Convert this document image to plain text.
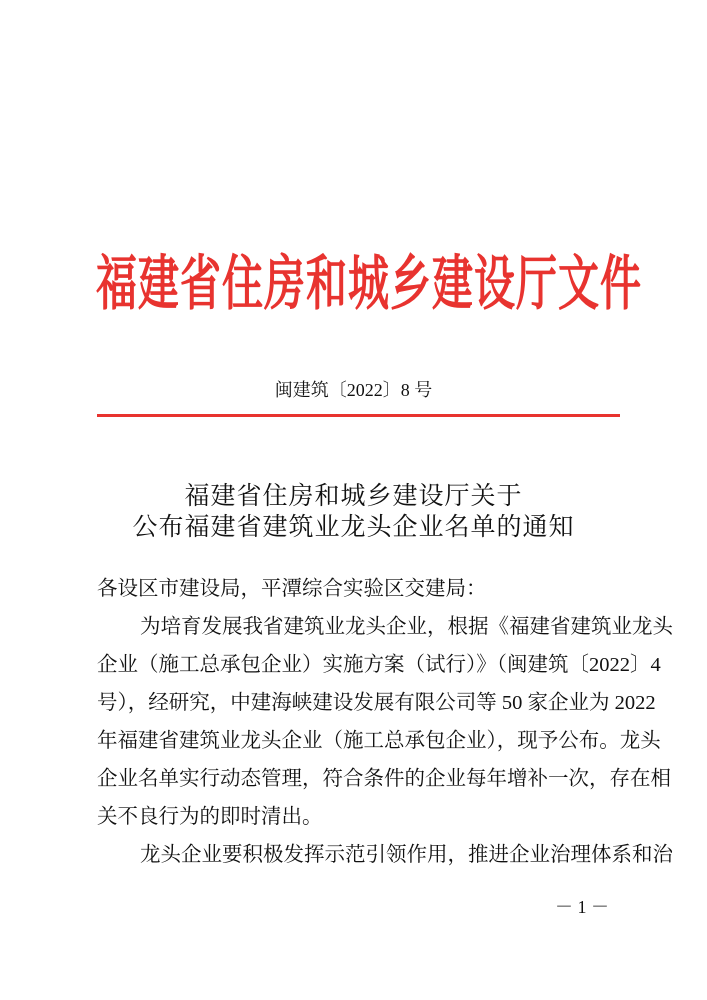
福建省住房和城乡建设厅文件
闽建筑〔2022〕8 号
福建省住房和城乡建设厅关于
公布福建省建筑业龙头企业名单的通知
各设区市建设局，平潭综合实验区交建局：
为培育发展我省建筑业龙头企业，根据《福建省建筑业龙头
企业（施工总承包企业）实施方案（试行）》（闽建筑〔2022〕4
号），经研究，中建海峡建设发展有限公司等 50 家企业为 2022
年福建省建筑业龙头企业（施工总承包企业），现予公布。龙头
企业名单实行动态管理，符合条件的企业每年增补一次，存在相
关不良行为的即时清出。
龙头企业要积极发挥示范引领作用，推进企业治理体系和治
－ 1 －
